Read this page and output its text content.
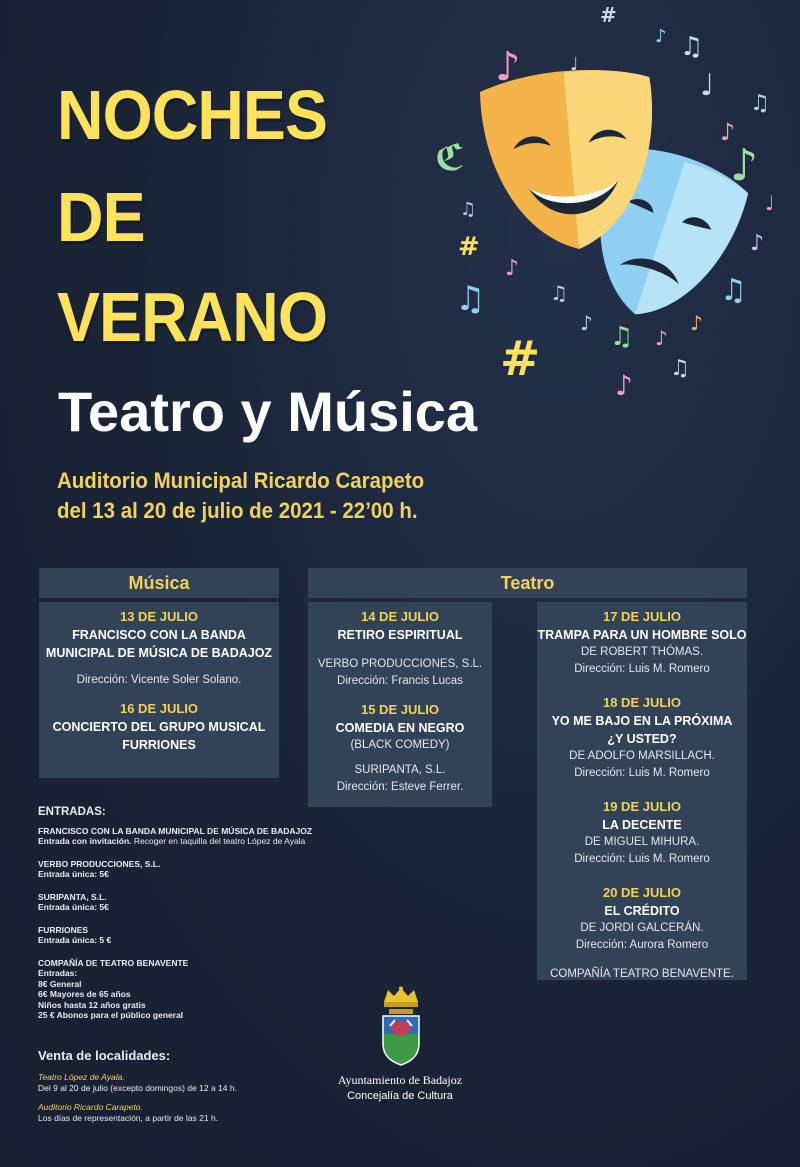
NOCHES
DE
VERANO
Teatro y Música
Auditorio Municipal Ricardo Carapeto
del 13 al 20 de julio de 2021 - 22’00 h.
#
♪ ♫
♪	♩
♪
♫
♪
ℭ
♫
#
♪
♫
#
♫
♪ ♫ ♪
♫
♪
♫
♪
♩
♪
♩
Música	Teatro
13 DE JULIO
FRANCISCO CON LA BANDA
MUNICIPAL DE MÚSICA DE BADAJOZ
Dirección: Vicente Soler Solano.
16 DE JULIO
CONCIERTO DEL GRUPO MUSICAL
FURRIONES
14 DE JULIO
RETIRO ESPIRITUAL
VERBO PRODUCCIONES, S.L.
Dirección: Francis Lucas
15 DE JULIO
COMEDIA EN NEGRO
(BLACK COMEDY)
SURIPANTA, S.L.
Dirección: Esteve Ferrer.
17 DE JULIO
TRAMPA PARA UN HOMBRE SOLO
DE ROBERT THÓMAS.
Dirección: Luis M. Romero
18 DE JULIO
YO ME BAJO EN LA PRÓXIMA
¿Y USTED?
DE ADOLFO MARSILLACH.
Dirección: Luis M. Romero
19 DE JULIO
LA DECENTE
DE MIGUEL MIHURA.
Dirección: Luis M. Romero
20 DE JULIO
EL CRÉDITO
DE JORDI GALCERÁN.
Dirección: Aurora Romero
COMPAÑÍA TEATRO BENAVENTE.
ENTRADAS:
FRANCISCO CON LA BANDA MUNICIPAL DE MÚSICA DE BADAJOZ
Entrada con invitación. Recoger en taquilla del teatro López de Ayala
VERBO PRODUCCIONES, S.L.
Entrada única: 5€
SURIPANTA, S.L.
Entrada única: 5€
FURRIONES
Entrada única: 5 €
COMPAÑÍA DE TEATRO BENAVENTE
Entradas:
8€ General
6€ Mayores de 65 años
Niños hasta 12 años gratis
25 € Abonos para el público general
Venta de localidades:
Teatro López de Ayala.
Del 9 al 20 de julio (excepto domingos) de 12 a 14 h.
Auditorio Ricardo Carapeto.
Los días de representación, a partir de las 21 h.
Ayuntamiento de Badajoz
Concejalía de Cultura
